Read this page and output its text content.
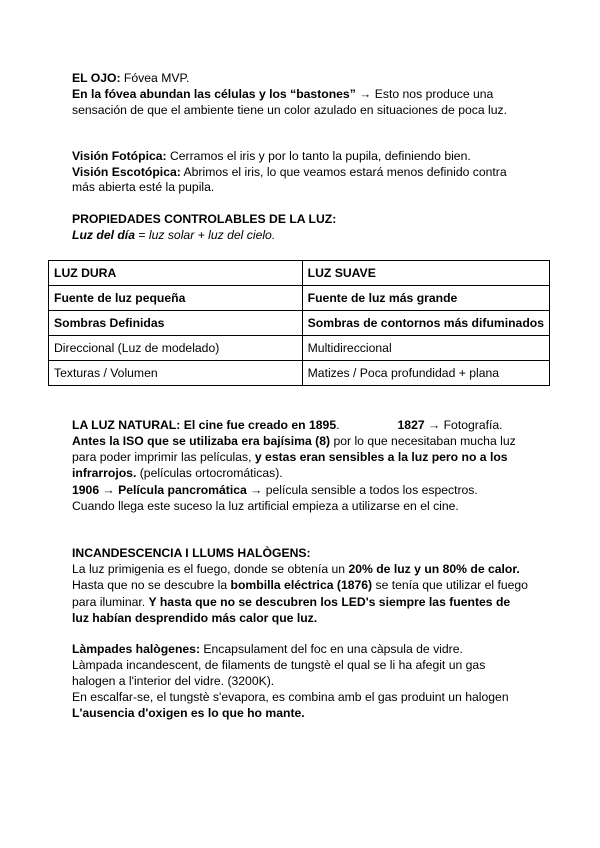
EL OJO: Fóvea MVP.
En la fóvea abundan las células y los “bastones” → Esto nos produce una
sensación de que el ambiente tiene un color azulado en situaciones de poca luz.
Visión Fotópica: Cerramos el iris y por lo tanto la pupila, definiendo bien.
Visión Escotópica: Abrimos el iris, lo que veamos estará menos definido contra
más abierta esté la pupila.
PROPIEDADES CONTROLABLES DE LA LUZ:
Luz del día = luz solar + luz del cielo.
LUZ DURA	LUZ SUAVE
Fuente de luz pequeña	Fuente de luz más grande
Sombras Definidas	Sombras de contornos más difuminados
Direccional (Luz de modelado)	Multidireccional
Texturas / Volumen	Matizes / Poca profundidad + plana
LA LUZ NATURAL: El cine fue creado en 1895.	1827 → Fotografía.
Antes la ISO que se utilizaba era bajísima (8) por lo que necesitaban mucha luz
para poder imprimir las películas, y estas eran sensibles a la luz pero no a los
infrarrojos. (películas ortocromáticas).
1906 → Película pancromática → película sensible a todos los espectros.
Cuando llega este suceso la luz artificial empieza a utilizarse en el cine.
INCANDESCENCIA I LLUMS HALÒGENS:
La luz primigenia es el fuego, donde se obtenía un 20% de luz y un 80% de calor.
Hasta que no se descubre la bombilla eléctrica (1876) se tenía que utilizar el fuego
para iluminar. Y hasta que no se descubren los LED's siempre las fuentes de
luz habían desprendido más calor que luz.
Làmpades halògenes: Encapsulament del foc en una càpsula de vidre.
Làmpada incandescent, de filaments de tungstè el qual se li ha afegit un gas
halogen a l'interior del vidre. (3200K).
En escalfar-se, el tungstè s'evapora, es combina amb el gas produint un halogen
L'ausencia d'oxigen es lo que ho mante.
